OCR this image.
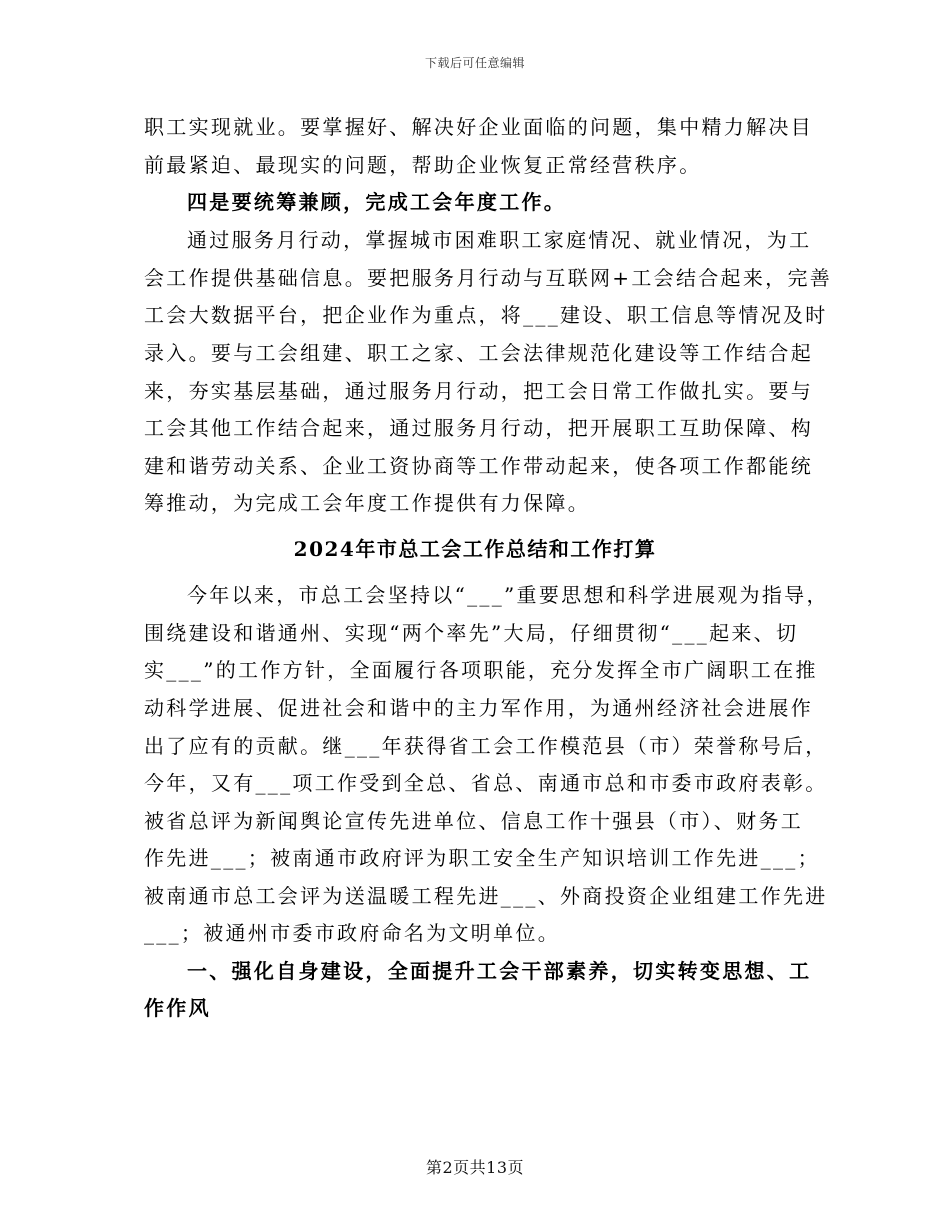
下载后可任意编辑
职工实现就业。要掌握好、解决好企业面临的问题，集中精力解决目
前最紧迫、最现实的问题，帮助企业恢复正常经营秩序。
四是要统筹兼顾，完成工会年度工作。
通过服务月行动，掌握城市困难职工家庭情况、就业情况，为工
会工作提供基础信息。要把服务月行动与互联网+工会结合起来，完善
工会大数据平台，把企业作为重点，将___建设、职工信息等情况及时
录入。要与工会组建、职工之家、工会法律规范化建设等工作结合起
来，夯实基层基础，通过服务月行动，把工会日常工作做扎实。要与
工会其他工作结合起来，通过服务月行动，把开展职工互助保障、构
建和谐劳动关系、企业工资协商等工作带动起来，使各项工作都能统
筹推动，为完成工会年度工作提供有力保障。
2024年市总工会工作总结和工作打算
今年以来，市总工会坚持以“___”重要思想和科学进展观为指导，
围绕建设和谐通州、实现“两个率先”大局，仔细贯彻“___起来、切
实___”的工作方针，全面履行各项职能，充分发挥全市广阔职工在推
动科学进展、促进社会和谐中的主力军作用，为通州经济社会进展作
出了应有的贡献。继___年获得省工会工作模范县（市）荣誉称号后，
今年，又有___项工作受到全总、省总、南通市总和市委市政府表彰。
被省总评为新闻舆论宣传先进单位、信息工作十强县（市）、财务工
作先进___；被南通市政府评为职工安全生产知识培训工作先进___；
被南通市总工会评为送温暖工程先进___、外商投资企业组建工作先进
___；被通州市委市政府命名为文明单位。
一、强化自身建设，全面提升工会干部素养，切实转变思想、工
作作风
第2页共13页
